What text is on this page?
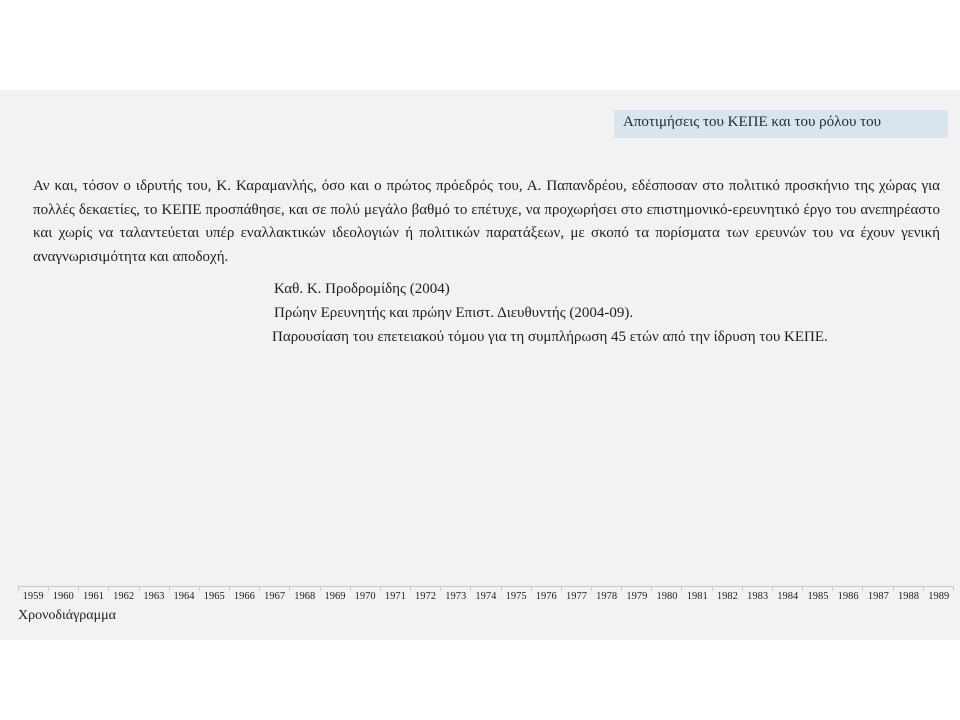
Αποτιμήσεις του ΚΕΠΕ και του ρόλου του

Αν και, τόσον ο ιδρυτής του, Κ. Καραμανλής, όσο και ο πρώτος πρόεδρός του, Α. Παπανδρέου, εδέσποσαν στο πολιτικό προσκήνιο της χώρας για πολλές δεκαετίες, το ΚΕΠΕ προσπάθησε, και σε πολύ μεγάλο βαθμό το επέτυχε, να προχωρήσει στο επιστημονικό-ερευνητικό έργο του ανεπηρέαστο και χωρίς να ταλαντεύεται υπέρ εναλλακτικών ιδεολογιών ή πολιτικών παρατάξεων, με σκοπό τα πορίσματα των ερευνών του να έχουν γενική αναγνωρισιμότητα και αποδοχή.

Καθ. Κ. Προδρομίδης (2004)
Πρώην Ερευνητής και πρώην Επιστ. Διευθυντής (2004-09).
Παρουσίαση του επετειακού τόμου για τη συμπλήρωση 45 ετών από την ίδρυση του ΚΕΠΕ.
1959 1960 1961 1962 1963 1964 1965 1966 1967 1968 1969 1970 1971 1972 1973 1974 1975 1976 1977 1978 1979 1980 1981 1982 1983 1984 1985 1986 1987 1988 1989
Χρονοδιάγραμμα
